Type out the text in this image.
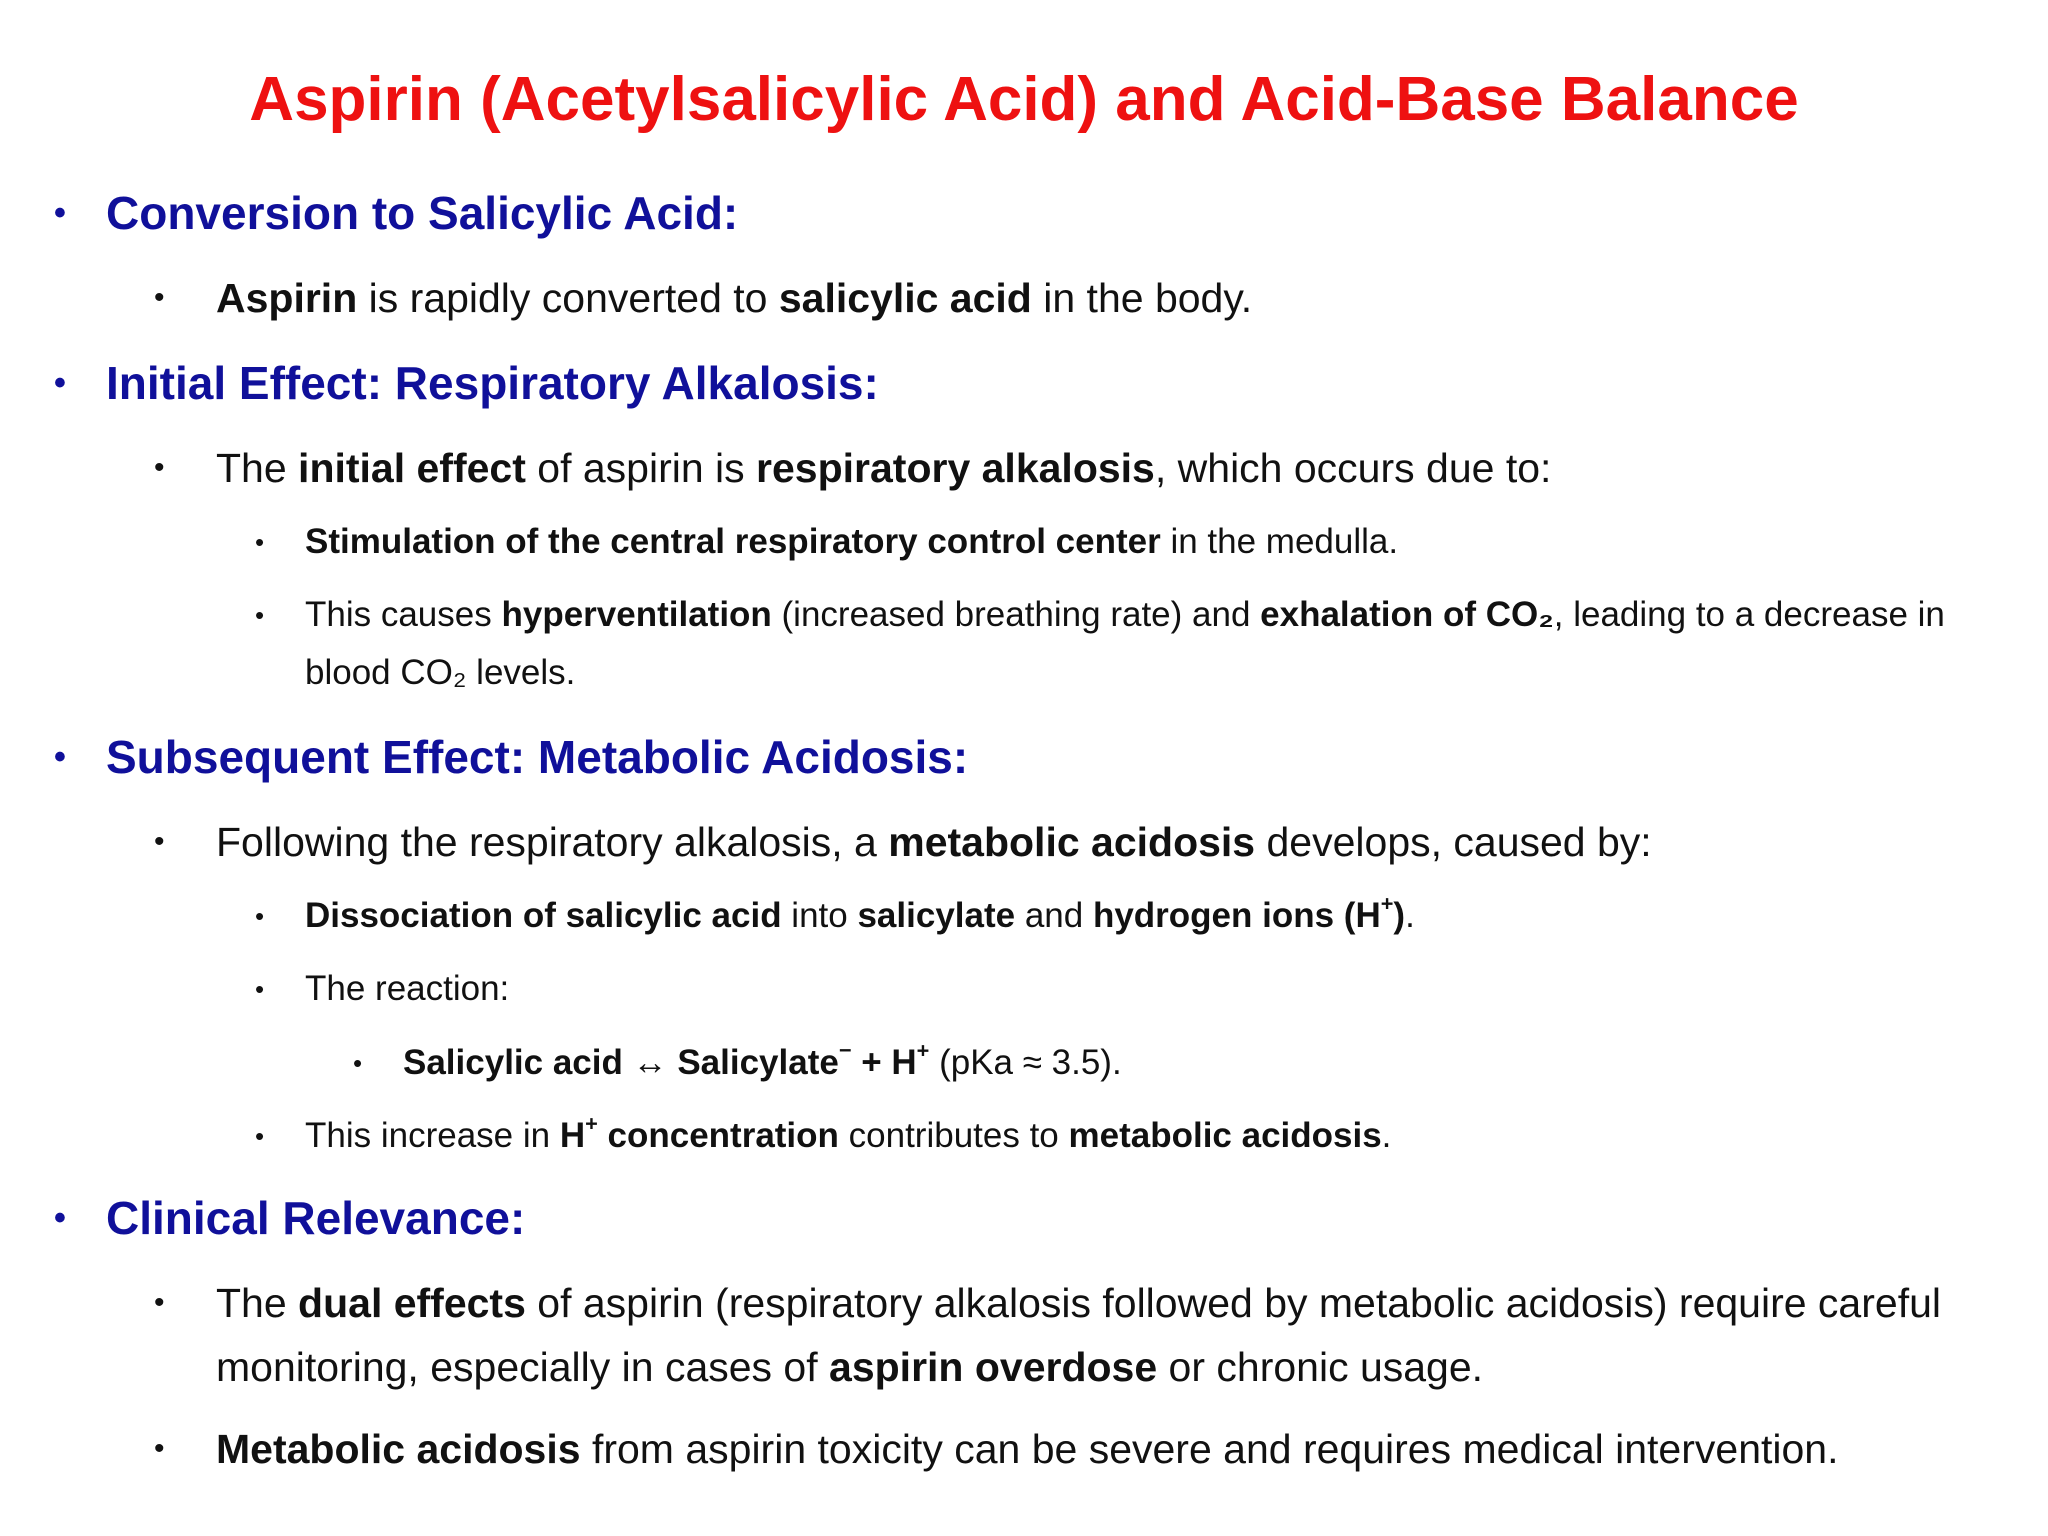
Aspirin (Acetylsalicylic Acid) and Acid-Base Balance
• Conversion to Salicylic Acid:
• Aspirin is rapidly converted to salicylic acid in the body.
• Initial Effect: Respiratory Alkalosis:
• The initial effect of aspirin is respiratory alkalosis, which occurs due to:
• Stimulation of the central respiratory control center in the medulla.
• This causes hyperventilation (increased breathing rate) and exhalation of CO₂, leading to a decrease in blood CO₂ levels.
• Subsequent Effect: Metabolic Acidosis:
• Following the respiratory alkalosis, a metabolic acidosis develops, caused by:
• Dissociation of salicylic acid into salicylate and hydrogen ions (H+).
• The reaction:
• Salicylic acid ↔ Salicylate− + H+ (pKa ≈ 3.5).
• This increase in H+ concentration contributes to metabolic acidosis.
• Clinical Relevance:
• The dual effects of aspirin (respiratory alkalosis followed by metabolic acidosis) require careful monitoring, especially in cases of aspirin overdose or chronic usage.
• Metabolic acidosis from aspirin toxicity can be severe and requires medical intervention.
